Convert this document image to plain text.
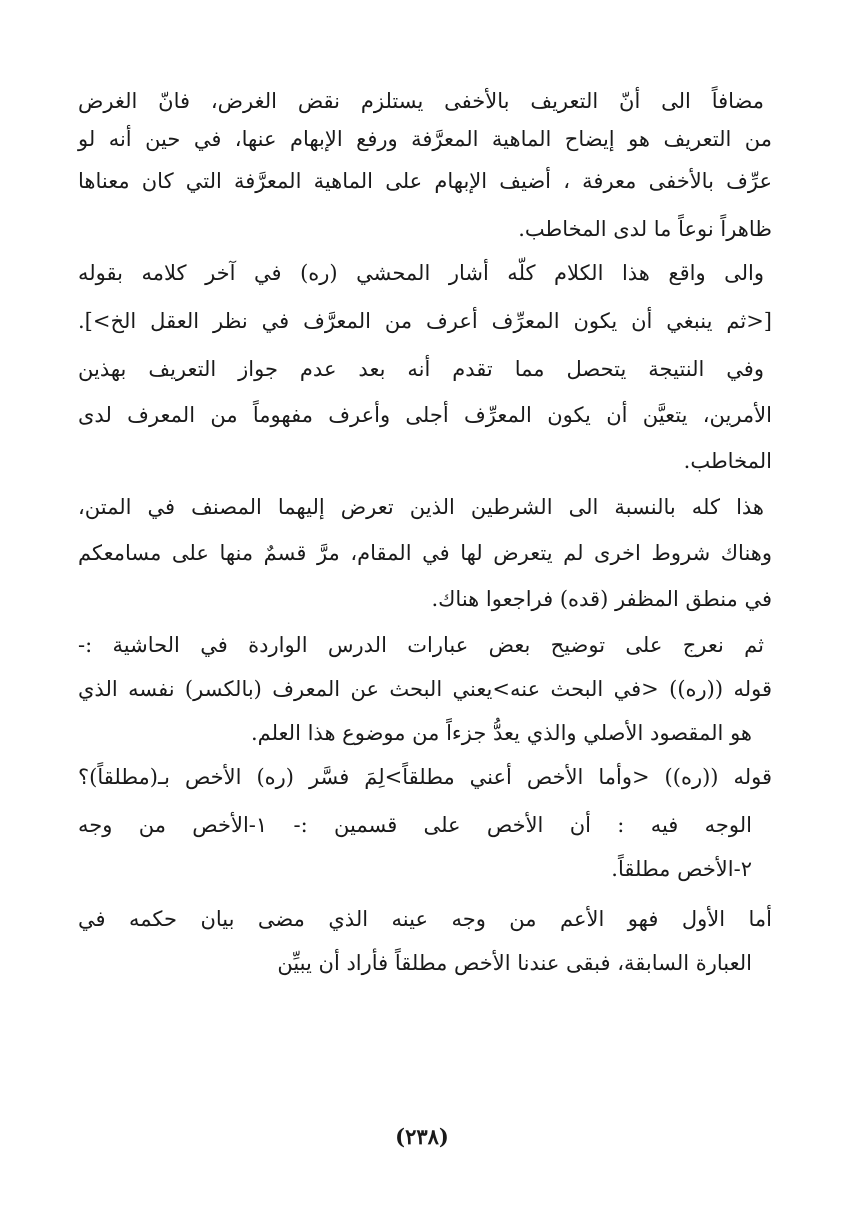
مضافاً الى أنّ التعريف بالأخفى يستلزم نقض الغرض، فانّ الغرض
من التعريف هو إيضاح الماهية المعرَّفة ورفع الإبهام عنها، في حين أنه لو
عرِّف بالأخفى معرفة ، أضيف الإبهام على الماهية المعرَّفة التي كان معناها
ظاهراً نوعاً ما لدى المخاطب.
والى واقع هذا الكلام كلّه أشار المحشي (ره) في آخر كلامه بقوله
[<ثم ينبغي أن يكون المعرِّف أعرف من المعرَّف في نظر العقل الخ>].
وفي النتيجة يتحصل مما تقدم أنه بعد عدم جواز التعريف بهذين
الأمرين، يتعيَّن أن يكون المعرِّف أجلى وأعرف مفهوماً من المعرف لدى
المخاطب.
هذا كله بالنسبة الى الشرطين الذين تعرض إليهما المصنف في المتن،
وهناك شروط اخرى لم يتعرض لها في المقام، مرَّ قسمٌ منها على مسامعكم
في منطق المظفر (قده) فراجعوا هناك.
ثم نعرج على توضيح بعض عبارات الدرس الواردة في الحاشية :-
قوله ((ره)) <في البحث عنه>يعني البحث عن المعرف (بالكسر) نفسه الذي
هو المقصود الأصلي والذي يعدُّ جزءاً من موضوع هذا العلم.
قوله ((ره)) <وأما الأخص أعني مطلقاً>لِمَ فسَّر (ره) الأخص بـ(مطلقاً)؟
الوجه فيه : أن الأخص على قسمين :- ١-الأخص من وجه
٢-الأخص مطلقاً.
أما الأول فهو الأعم من وجه عينه الذي مضى بيان حكمه في
العبارة السابقة، فبقى عندنا الأخص مطلقاً فأراد أن يبيِّن
(٢٣٨)
